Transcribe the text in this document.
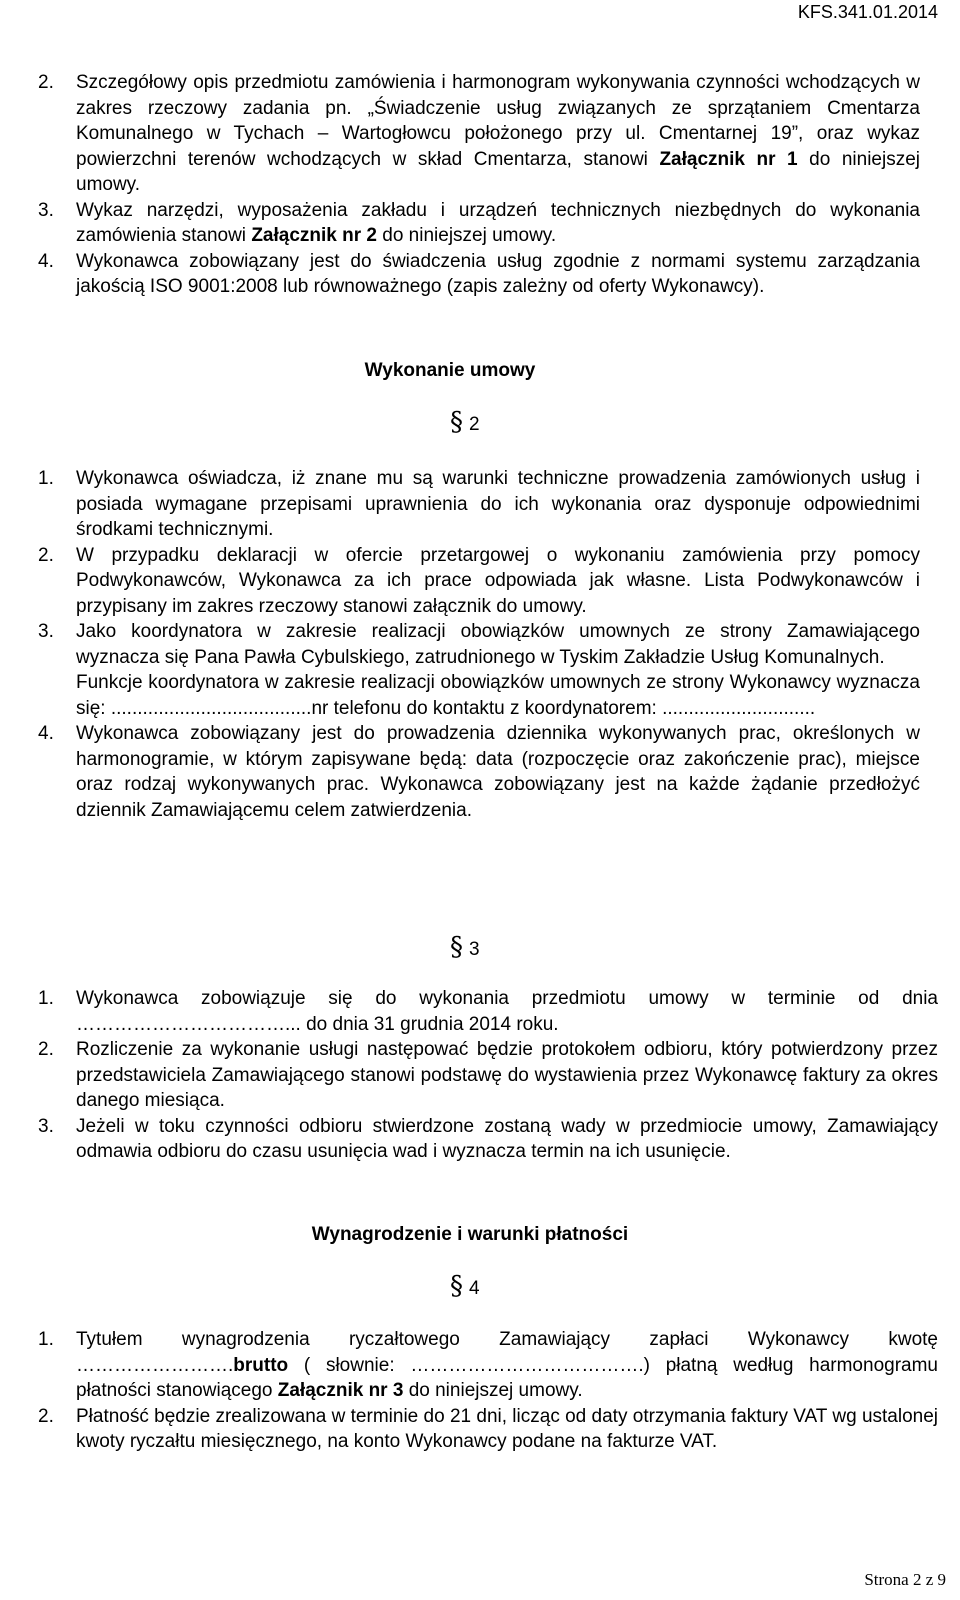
KFS.341.01.2014
2. Szczegółowy opis przedmiotu zamówienia i harmonogram wykonywania czynności wchodzących w zakres rzeczowy zadania pn. „Świadczenie usług związanych ze sprzątaniem Cmentarza Komunalnego w Tychach – Wartogłowcu położonego przy ul. Cmentarnej 19”, oraz wykaz powierzchni terenów wchodzących w skład Cmentarza, stanowi Załącznik nr 1 do niniejszej umowy.
3. Wykaz narzędzi, wyposażenia zakładu i urządzeń technicznych niezbędnych do wykonania zamówienia stanowi Załącznik nr 2 do niniejszej umowy.
4. Wykonawca zobowiązany jest do świadczenia usług zgodnie z normami systemu zarządzania jakością ISO 9001:2008 lub równoważnego (zapis zależny od oferty Wykonawcy).
Wykonanie umowy
§ 2
1. Wykonawca oświadcza, iż znane mu są warunki techniczne prowadzenia zamówionych usług i posiada wymagane przepisami uprawnienia do ich wykonania oraz dysponuje odpowiednimi środkami technicznymi.
2. W przypadku deklaracji w ofercie przetargowej o wykonaniu zamówienia przy pomocy Podwykonawców, Wykonawca za ich prace odpowiada jak własne. Lista Podwykonawców i przypisany im zakres rzeczowy stanowi załącznik do umowy.
3. Jako koordynatora w zakresie realizacji obowiązków umownych ze strony Zamawiającego wyznacza się Pana Pawła Cybulskiego, zatrudnionego w Tyskim Zakładzie Usług Komunalnych.
Funkcje koordynatora w zakresie realizacji obowiązków umownych ze strony Wykonawcy wyznacza się: ......................................nr telefonu do kontaktu z koordynatorem: .............................
4. Wykonawca zobowiązany jest do prowadzenia dziennika wykonywanych prac, określonych w harmonogramie, w którym zapisywane będą: data (rozpoczęcie oraz zakończenie prac), miejsce oraz rodzaj wykonywanych prac. Wykonawca zobowiązany jest na każde żądanie przedłożyć dziennik Zamawiającemu celem zatwierdzenia.
§ 3
1. Wykonawca zobowiązuje się do wykonania przedmiotu umowy w terminie od dnia ……………………………... do dnia 31 grudnia 2014 roku.
2. Rozliczenie za wykonanie usługi następować będzie protokołem odbioru, który potwierdzony przez przedstawiciela Zamawiającego stanowi podstawę do wystawienia przez Wykonawcę faktury za okres danego miesiąca.
3. Jeżeli w toku czynności odbioru stwierdzone zostaną wady w przedmiocie umowy, Zamawiający odmawia odbioru do czasu usunięcia wad i wyznacza termin na ich usunięcie.
Wynagrodzenie i warunki płatności
§ 4
1. Tytułem wynagrodzenia ryczałtowego Zamawiający zapłaci Wykonawcy kwotę …………………….brutto ( słownie: ……………………………….) płatną według harmonogramu płatności stanowiącego Załącznik nr 3 do niniejszej umowy.
2. Płatność będzie zrealizowana w terminie do 21 dni, licząc od daty otrzymania faktury VAT wg ustalonej kwoty ryczałtu miesięcznego, na konto Wykonawcy podane na fakturze VAT.
Strona 2 z 9
